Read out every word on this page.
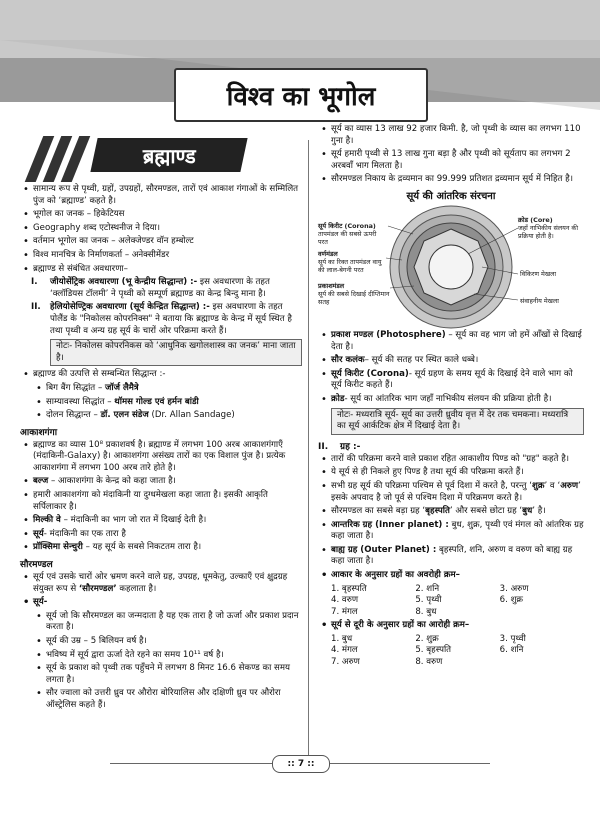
विश्व का भूगोल
ब्रह्माण्ड
• सामान्य रूप से पृथ्वी, ग्रहों, उपग्रहों, सौरमण्डल, तारों एवं आकाश गंगाओं के सम्मिलित पुंज को ‘ब्रह्माण्ड’ कहते है।
• भूगोल का जनक – हिकेटियस
• Geography शब्द एटोस्थनीज ने दिया।
• वर्तमान भूगोल का जनक – अलेक्जेण्डर वॉन हम्बोल्ट
• विश्व मानचित्र के निर्माणकर्ता – अनेक्सीमेंडर
• ब्रह्माण्ड से संबंधित अवधारणा–
I. जीयोसेंट्रिक अवधारणा (भू केन्द्रीय सिद्धान्त) :- इस अवधारणा के तहत ‘क्लॉडियस टॉलमी’ ने पृथ्वी को सम्पूर्ण ब्रह्माण्ड का केन्द्र बिन्दु माना है।
II. हेलियोसेण्ट्रिक अवधारणा (सूर्य केन्द्रित सिद्धान्त) :- इस अवधारणा के तहत पोलैंड के "निकोलस कोपरनिक्स" ने बताया कि ब्रह्माण्ड के केन्द्र में सूर्य स्थित है तथा पृथ्वी व अन्य ग्रह सूर्य के चारों ओर परिक्रमा करते हैं।
नोटः- निकोलस कोपरनिकस को ‘आधुनिक खगोलशास्त्र का जनक’ माना जाता है।
• ब्रह्माण्ड की उत्पत्ति से सम्बन्धित सिद्धान्त :-
• बिग बैंग सिद्धांत – जॉर्ज लैमैत्रे
• साम्यावस्था सिद्धांत – थॉमस गोल्ड एवं हर्मन बांडी
• दोलन सिद्धान्त – डॉ. एलन संडेज (Dr. Allan Sandage)
आकाशगंगा
• ब्रह्माण्ड का व्यास 10⁸ प्रकाशवर्ष है। ब्रह्माण्ड में लगभग 100 अरब आकाशगंगाएँ (मंदाकिनी-Galaxy) है। आकाशगंगा असंख्य तारों का एक विशाल पुंज है। प्रत्येक आकाशगंगा में लगभग 100 अरब तारे होते है।
• बल्ज – आकाशगंगा के केन्द्र को कहा जाता है।
• हमारी आकाशगंगा को मंदाकिनी या दुग्धमेखला कहा जाता है। इसकी आकृति सर्पिलाकार है।
• मिल्की वे – मंदाकिनी का भाग जो रात में दिखाई देती है।
• सूर्य- मंदाकिनी का एक तारा है
• प्रॉक्सिमा सेन्चुरी – यह सूर्य के सबसे निकटतम तारा है।
सौरमण्डल
• सूर्य एवं उसके चारों ओर भ्रमण करने वाले ग्रह, उपग्रह, धूमकेतु, उल्काएँ एवं क्षुद्रग्रह संयुक्त रूप से ‘सौरमण्डल’ कहलाता है।
• सूर्य-
• सूर्य जो कि सौरमण्डल का जन्मदाता है यह एक तारा है जो ऊर्जा और प्रकाश प्रदान करता है।
• सूर्य की उम्र – 5 बिलियन वर्ष है।
• भविष्य में सूर्य द्वारा ऊर्जा देते रहने का समय 10¹¹ वर्ष है।
• सूर्य के प्रकाश को पृथ्वी तक पहुँचने में लगभग 8 मिनट 16.6 सेकण्ड का समय लगता है।
• सौर ज्वाला को उत्तरी ध्रुव पर औरोरा बोरियालिस और दक्षिणी ध्रुव पर औरोरा ऑस्ट्रेलिस कहते हैं।
• सूर्य का व्यास 13 लाख 92 हजार किमी. है, जो पृथ्वी के व्यास का लगभग 110 गुना है।
• सूर्य हमारी पृथ्वी से 13 लाख गुना बड़ा है और पृथ्वी को सूर्यताप का लगभग 2 अरबवाँ भाग मिलता है।
• सौरमण्डल निकाय के द्रव्यमान का 99.999 प्रतिशत द्रव्यमान सूर्य में निहित है।
सूर्य की आंतरिक संरचना
क्रोड (Core)
जहाँ नाभिकीय संलयन की प्रक्रिया होती है।
सूर्य किरीट (Corona)
तापमंडल की सबसे ऊपरी परत
वर्णमंडल
सूर्य का रिक्त तापमंडल वायु की लाल-बेगनी परत
प्रकाशमंडल
सूर्य की सबसे दिखाई दीप्तिमान सतह
विकिरण मेखला
संवाहनीय मेखला
• प्रकाश मण्डल (Photosphere) – सूर्य का वह भाग जो हमें आँखों से दिखाई देता है।
• सौर कलंक– सूर्य की सतह पर स्थित काले धब्बे।
• सूर्य किरीट (Corona)- सूर्य ग्रहण के समय सूर्य के दिखाई देने वाले भाग को सूर्य किरीट कहते हैं।
• क्रोड- सूर्य का आंतरिक भाग जहाँ नाभिकीय संलयन की प्रक्रिया होती है।
नोटः- मध्यरात्रि सूर्य- सूर्य का उत्तरी ध्रुवीय वृत्त में देर तक चमकना। मध्यरात्रि का सूर्य आर्कटिक क्षेत्र में दिखाई देता है।
II. ग्रह :-
• तारों की परिक्रमा करने वाले प्रकाश रहित आकाशीय पिण्ड को "ग्रह" कहते है।
• ये सूर्य से ही निकले हुए पिण्ड है तथा सूर्य की परिक्रमा करते हैं।
• सभी ग्रह सूर्य की परिक्रमा पश्चिम से पूर्व दिशा में करते है, परन्तु ‘शुक्र’ व ‘अरुण’ इसके अपवाद है जो पूर्व से पश्चिम दिशा में परिक्रमण करते है।
• सौरमण्डल का सबसे बड़ा ग्रह ‘बृहस्पति’ और सबसे छोटा ग्रह ‘बुध’ है।
• आन्तरिक ग्रह (Inner planet) : बुध, शुक्र, पृथ्वी एवं मंगल को आंतरिक ग्रह कहा जाता है।
• बाह्य ग्रह (Outer Planet) : बृहस्पति, शनि, अरुण व वरुण को बाह्य ग्रह कहा जाता है।
• आकार के अनुसार ग्रहों का अवरोही क्रम–
1. बृहस्पति	2. शनि	3. अरुण
4. वरुण	5. पृथ्वी	6. शुक्र
7. मंगल	8. बुध
• सूर्य से दूरी के अनुसार ग्रहों का आरोही क्रम–
1. बुध	2. शुक्र	3. पृथ्वी
4. मंगल	5. बृहस्पति	6. शनि
7. अरुण	8. वरुण
:: 7 ::
